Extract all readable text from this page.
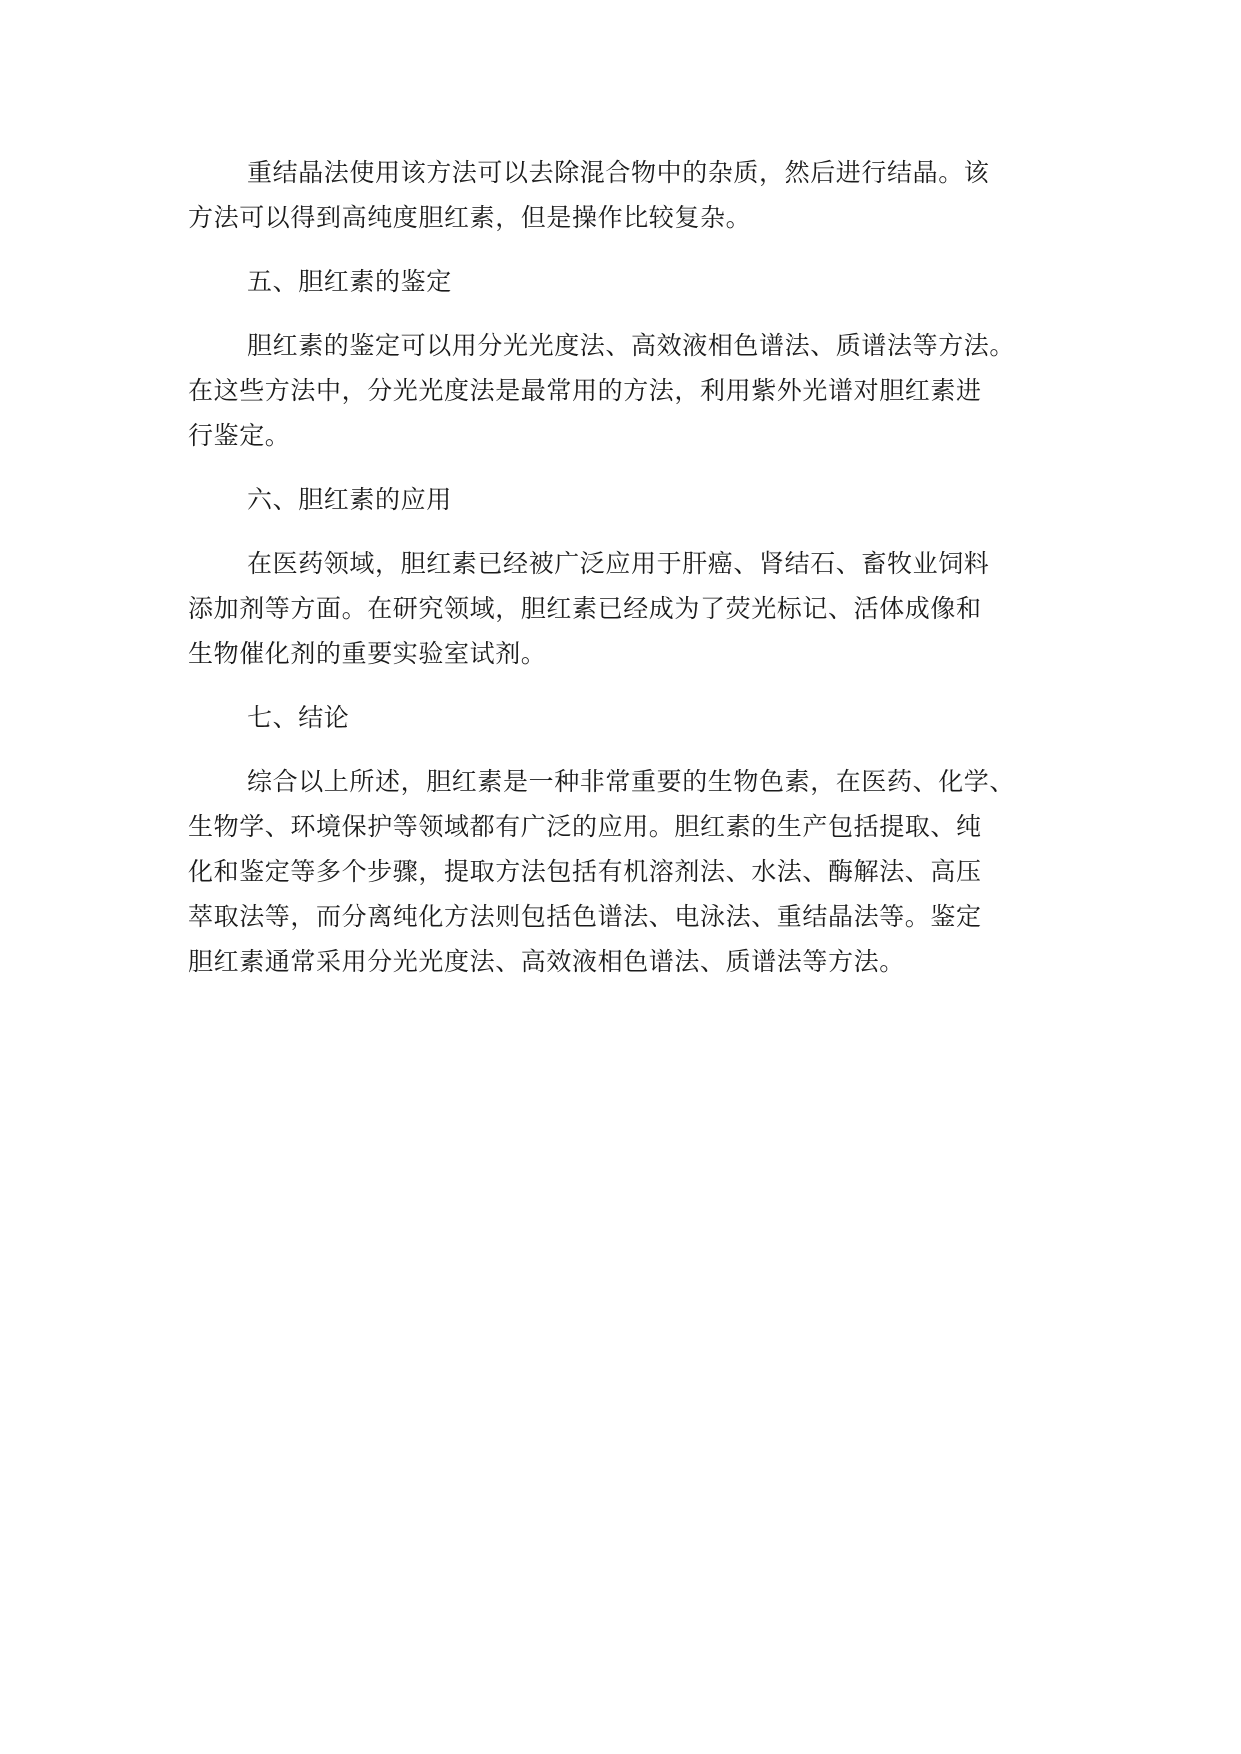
重结晶法使用该方法可以去除混合物中的杂质，然后进行结晶。该
方法可以得到高纯度胆红素，但是操作比较复杂。
五、胆红素的鉴定
胆红素的鉴定可以用分光光度法、高效液相色谱法、质谱法等方法。
在这些方法中，分光光度法是最常用的方法，利用紫外光谱对胆红素进
行鉴定。
六、胆红素的应用
在医药领域，胆红素已经被广泛应用于肝癌、肾结石、畜牧业饲料
添加剂等方面。在研究领域，胆红素已经成为了荧光标记、活体成像和
生物催化剂的重要实验室试剂。
七、结论
综合以上所述，胆红素是一种非常重要的生物色素，在医药、化学、
生物学、环境保护等领域都有广泛的应用。胆红素的生产包括提取、纯
化和鉴定等多个步骤，提取方法包括有机溶剂法、水法、酶解法、高压
萃取法等，而分离纯化方法则包括色谱法、电泳法、重结晶法等。鉴定
胆红素通常采用分光光度法、高效液相色谱法、质谱法等方法。
